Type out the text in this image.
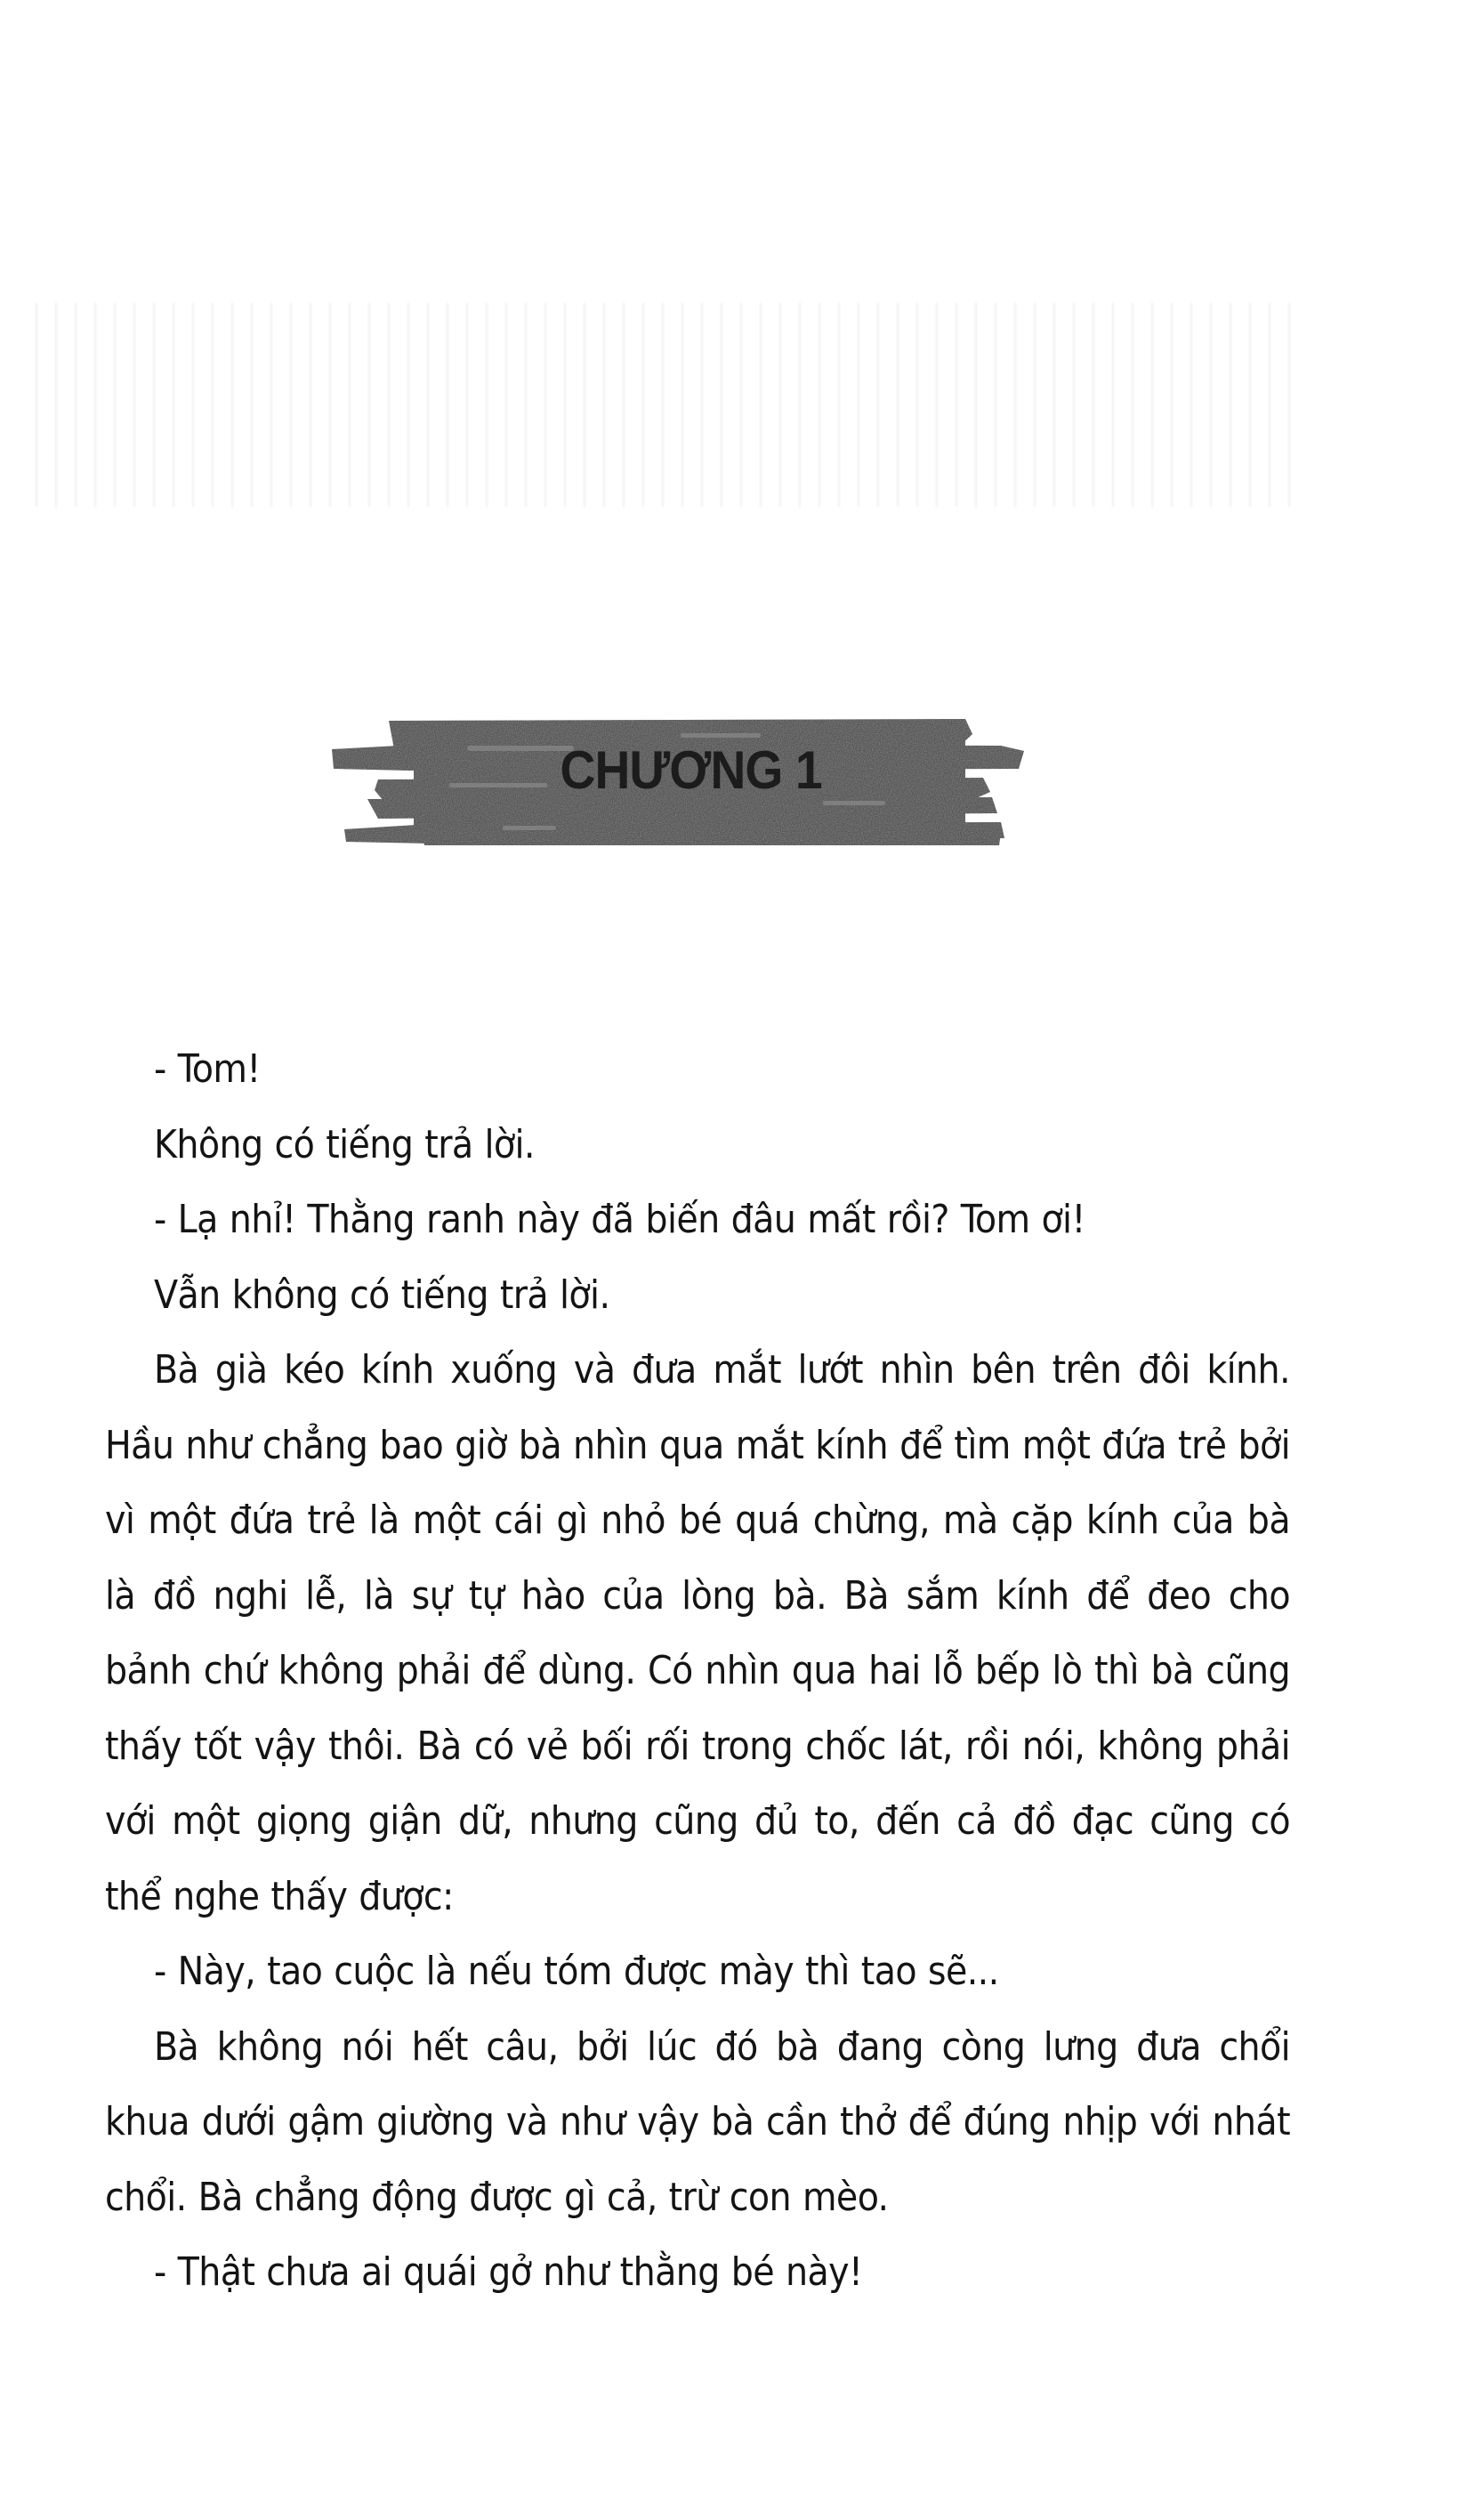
CHƯƠNG 1

- Tom!

Không có tiếng trả lời.

- Lạ nhỉ! Thằng ranh này đã biến đâu mất rồi? Tom ơi!

Vẫn không có tiếng trả lời.

Bà già kéo kính xuống và đưa mắt lướt nhìn bên trên đôi kính. Hầu như chẳng bao giờ bà nhìn qua mắt kính để tìm một đứa trẻ bởi vì một đứa trẻ là một cái gì nhỏ bé quá chừng, mà cặp kính của bà là đồ nghi lễ, là sự tự hào của lòng bà. Bà sắm kính để đeo cho bảnh chứ không phải để dùng. Có nhìn qua hai lỗ bếp lò thì bà cũng thấy tốt vậy thôi. Bà có vẻ bối rối trong chốc lát, rồi nói, không phải với một giọng giận dữ, nhưng cũng đủ to, đến cả đồ đạc cũng có thể nghe thấy được:

- Này, tao cuộc là nếu tóm được mày thì tao sẽ...

Bà không nói hết câu, bởi lúc đó bà đang còng lưng đưa chổi khua dưới gậm giường và như vậy bà cần thở để đúng nhịp với nhát chổi. Bà chẳng động được gì cả, trừ con mèo.

- Thật chưa ai quái gở như thằng bé này!
